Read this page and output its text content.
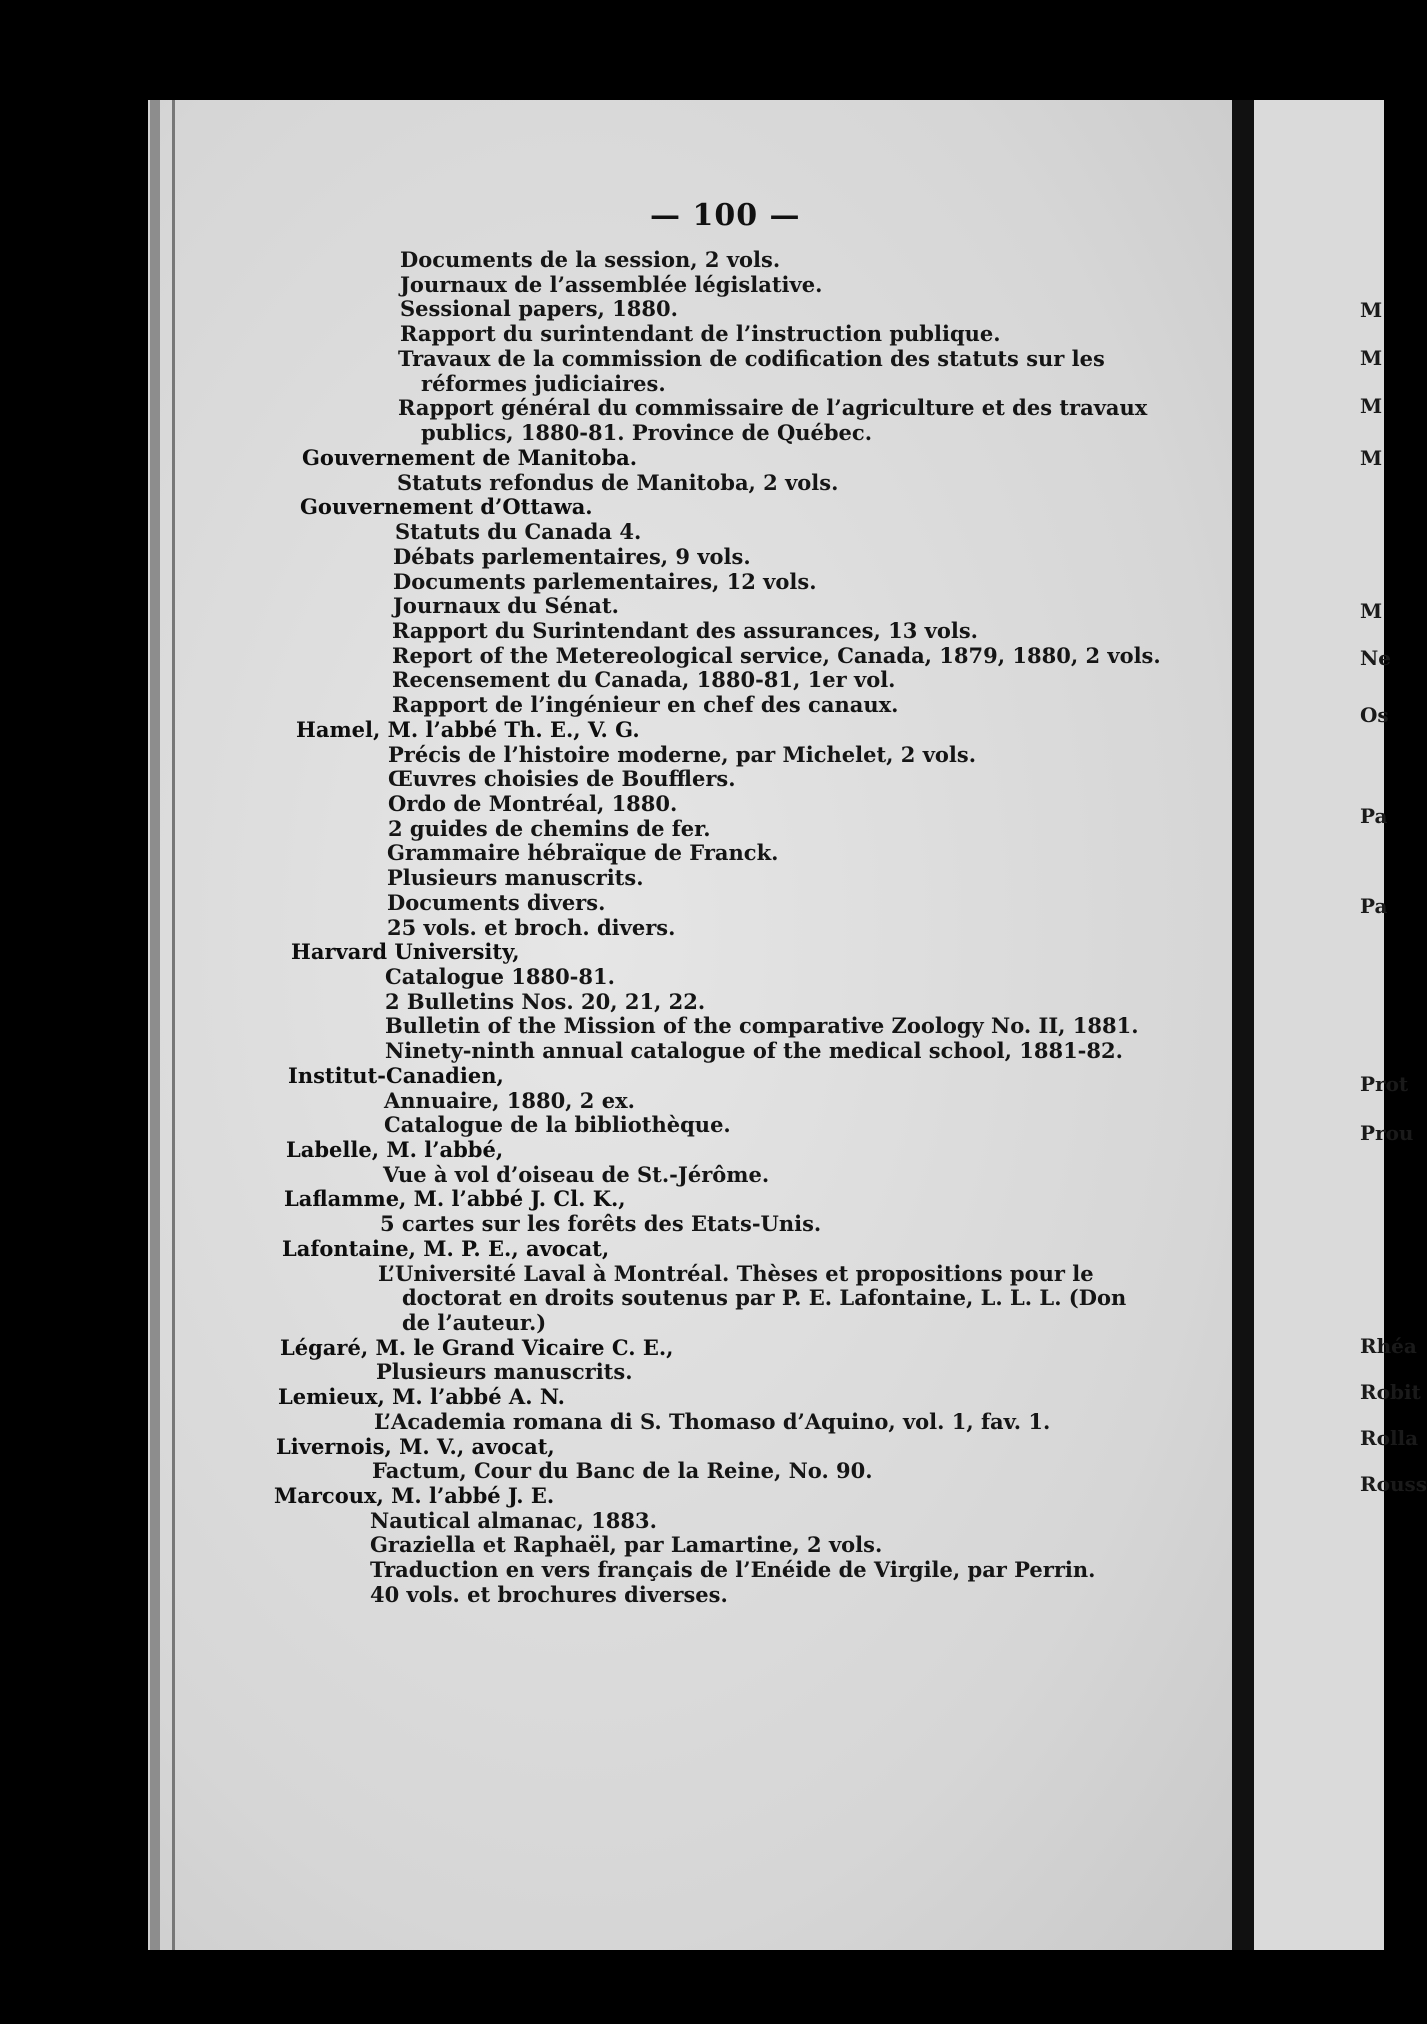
M
M
M
M
M
Ne
Os
Pa
Pa
Prot
Prou
Rhéa
Robit
Rolla
Rouss
— 100 —
Documents de la session, 2 vols.
Journaux de l’assemblée législative.
Sessional papers, 1880.
Rapport du surintendant de l’instruction publique.
Travaux de la commission de codification des statuts sur les
réformes judiciaires.
Rapport général du commissaire de l’agriculture et des travaux
publics, 1880-81. Province de Québec.
Gouvernement de Manitoba.
Statuts refondus de Manitoba, 2 vols.
Gouvernement d’Ottawa.
Statuts du Canada 4.
Débats parlementaires, 9 vols.
Documents parlementaires, 12 vols.
Journaux du Sénat.
Rapport du Surintendant des assurances, 13 vols.
Report of the Metereological service, Canada, 1879, 1880, 2 vols.
Recensement du Canada, 1880-81, 1er vol.
Rapport de l’ingénieur en chef des canaux.
Hamel, M. l’abbé Th. E., V. G.
Précis de l’histoire moderne, par Michelet, 2 vols.
Œuvres choisies de Boufflers.
Ordo de Montréal, 1880.
2 guides de chemins de fer.
Grammaire hébraïque de Franck.
Plusieurs manuscrits.
Documents divers.
25 vols. et broch. divers.
Harvard University,
Catalogue 1880-81.
2 Bulletins Nos. 20, 21, 22.
Bulletin of the Mission of the comparative Zoology No. II, 1881.
Ninety-ninth annual catalogue of the medical school, 1881-82.
Institut-Canadien,
Annuaire, 1880, 2 ex.
Catalogue de la bibliothèque.
Labelle, M. l’abbé,
Vue à vol d’oiseau de St.-Jérôme.
Laflamme, M. l’abbé J. Cl. K.,
5 cartes sur les forêts des Etats-Unis.
Lafontaine, M. P. E., avocat,
L’Université Laval à Montréal. Thèses et propositions pour le
doctorat en droits soutenus par P. E. Lafontaine, L. L. L. (Don
de l’auteur.)
Légaré, M. le Grand Vicaire C. E.,
Plusieurs manuscrits.
Lemieux, M. l’abbé A. N.
L’Academia romana di S. Thomaso d’Aquino, vol. 1, fav. 1.
Livernois, M. V., avocat,
Factum, Cour du Banc de la Reine, No. 90.
Marcoux, M. l’abbé J. E.
Nautical almanac, 1883.
Graziella et Raphaël, par Lamartine, 2 vols.
Traduction en vers français de l’Enéide de Virgile, par Perrin.
40 vols. et brochures diverses.
